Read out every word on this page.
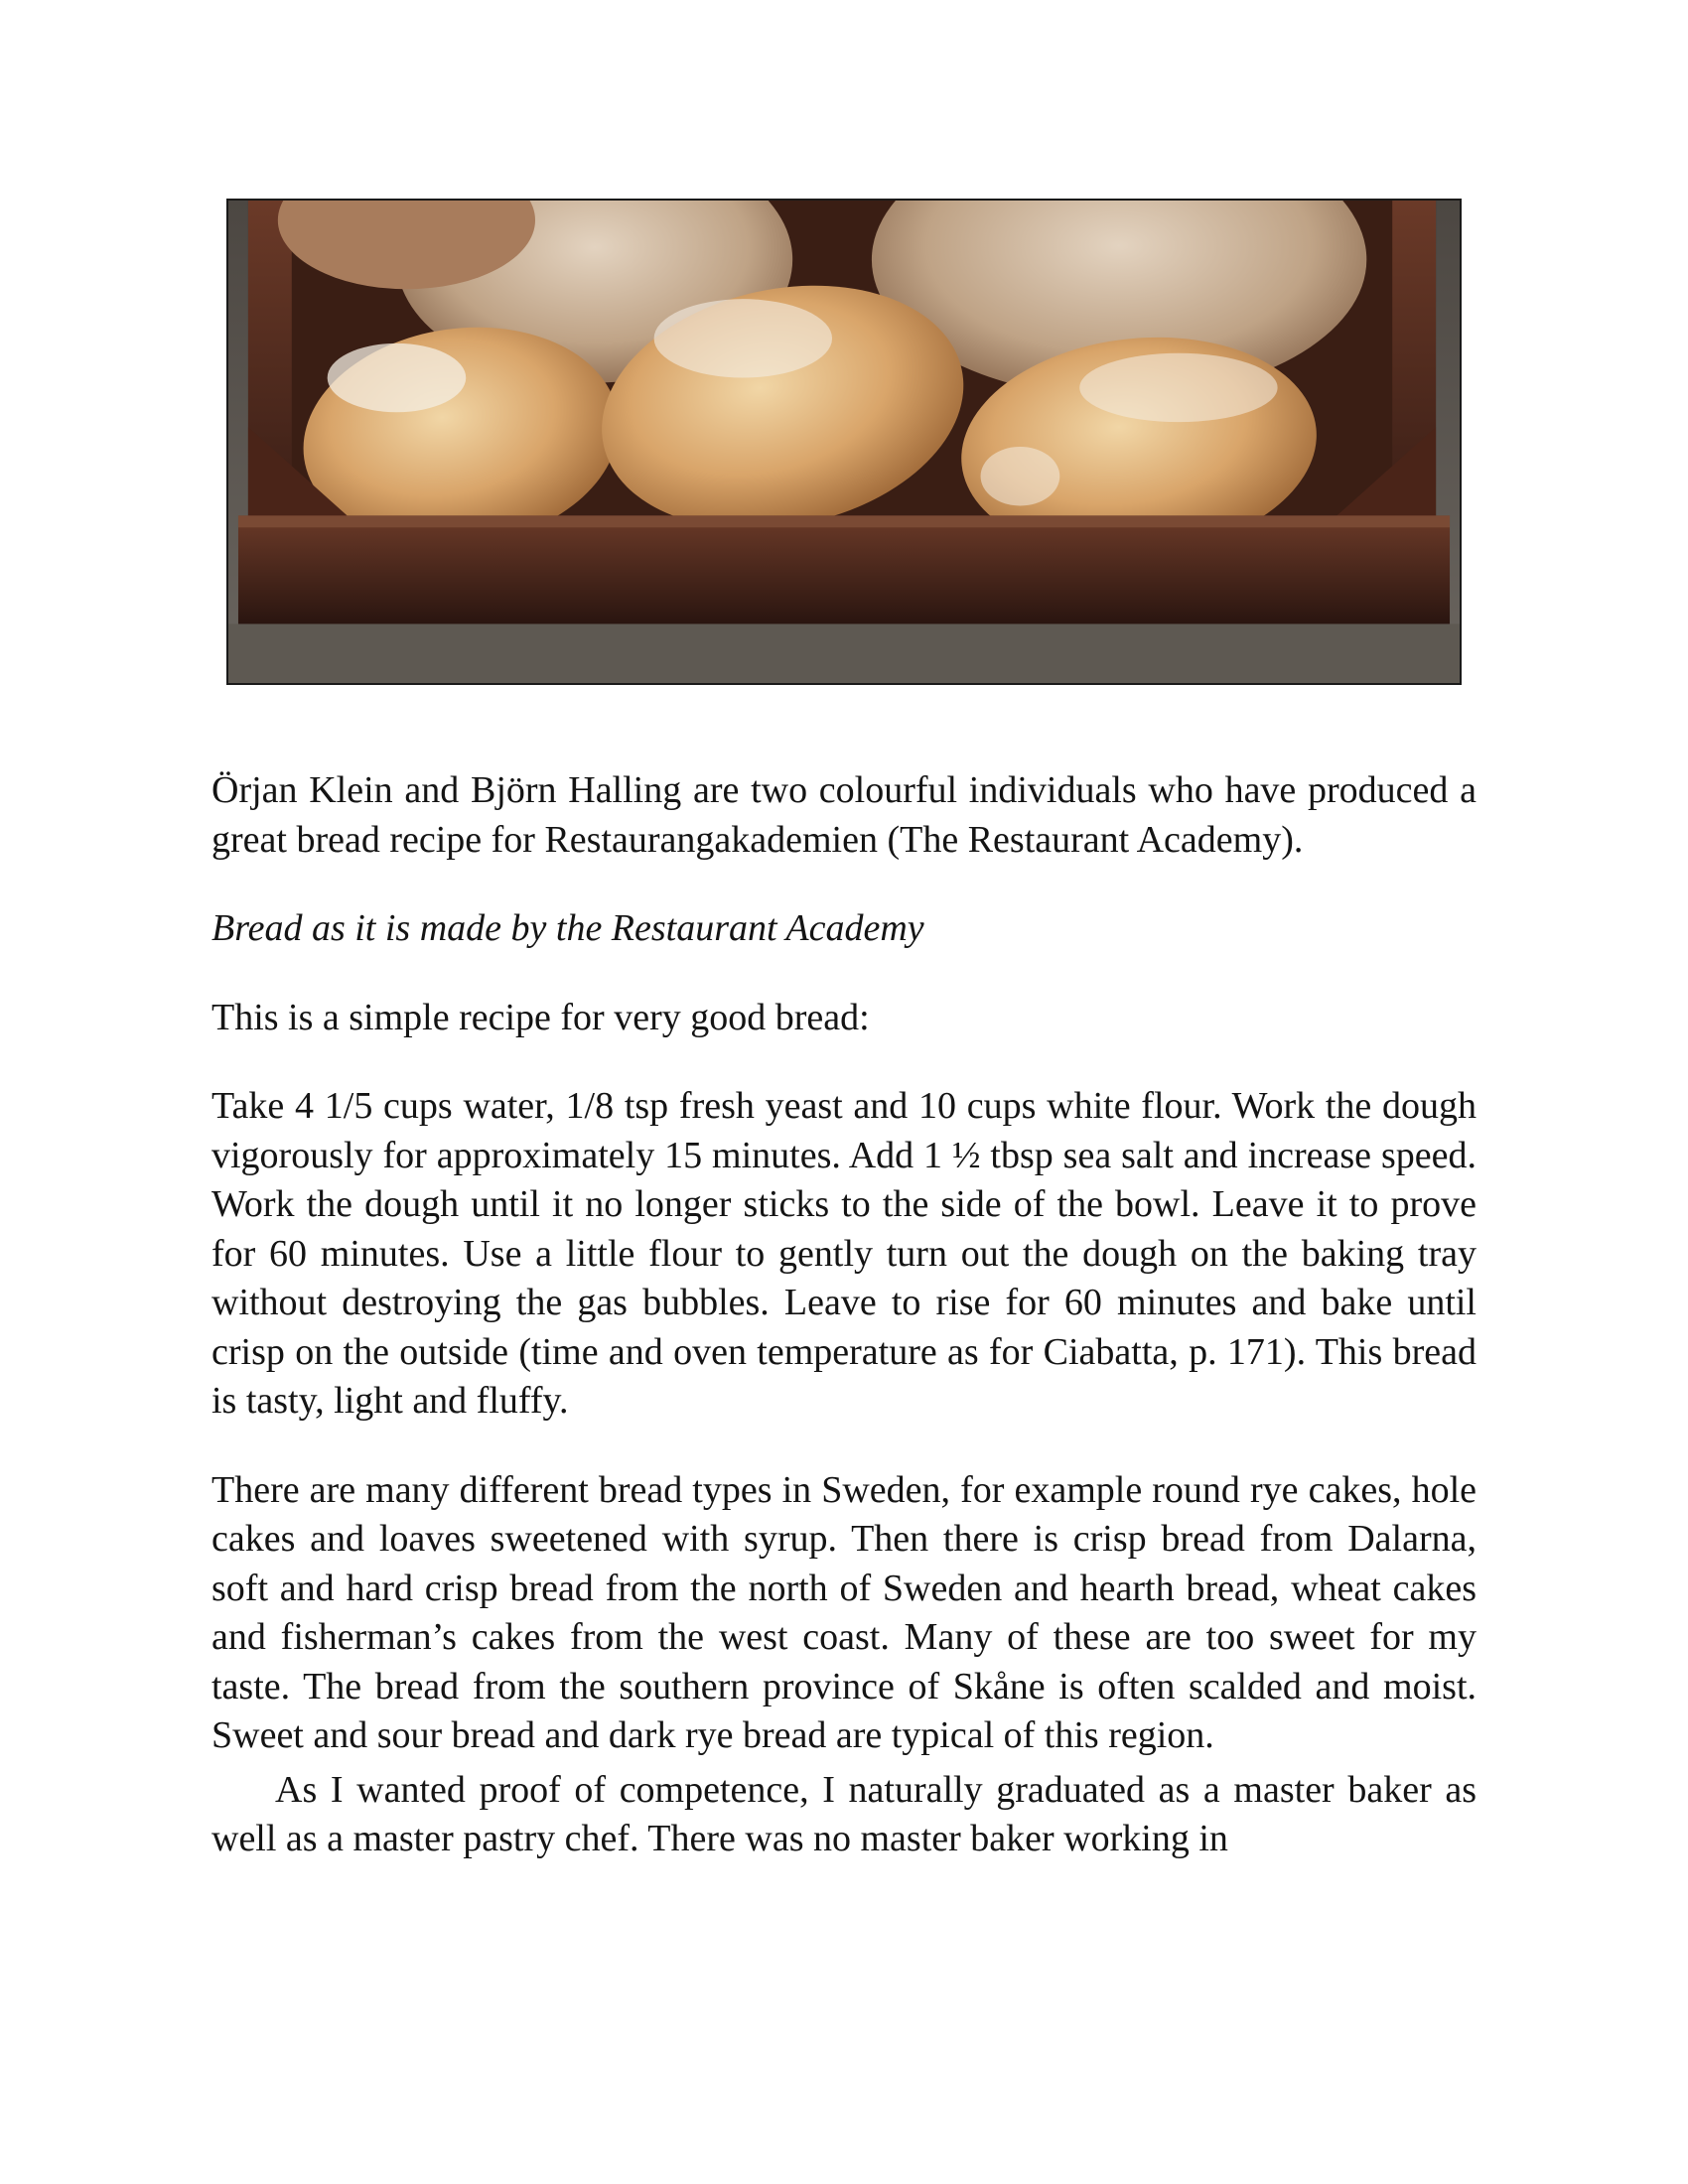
Örjan Klein and Björn Halling are two colourful individuals who have produced a great bread recipe for Restaurangakademien (The Restaurant Academy).

Bread as it is made by the Restaurant Academy

This is a simple recipe for very good bread:

Take 4 1/5 cups water, 1/8 tsp fresh yeast and 10 cups white flour. Work the dough vigorously for approximately 15 minutes. Add 1 ½ tbsp sea salt and increase speed. Work the dough until it no longer sticks to the side of the bowl. Leave it to prove for 60 minutes. Use a little flour to gently turn out the dough on the baking tray without destroying the gas bubbles. Leave to rise for 60 minutes and bake until crisp on the outside (time and oven temperature as for Ciabatta, p. 171). This bread is tasty, light and fluffy.

There are many different bread types in Sweden, for example round rye cakes, hole cakes and loaves sweetened with syrup. Then there is crisp bread from Dalarna, soft and hard crisp bread from the north of Sweden and hearth bread, wheat cakes and fisherman’s cakes from the west coast. Many of these are too sweet for my taste. The bread from the southern province of Skåne is often scalded and moist. Sweet and sour bread and dark rye bread are typical of this region.

As I wanted proof of competence, I naturally graduated as a master baker as well as a master pastry chef. There was no master baker working in
